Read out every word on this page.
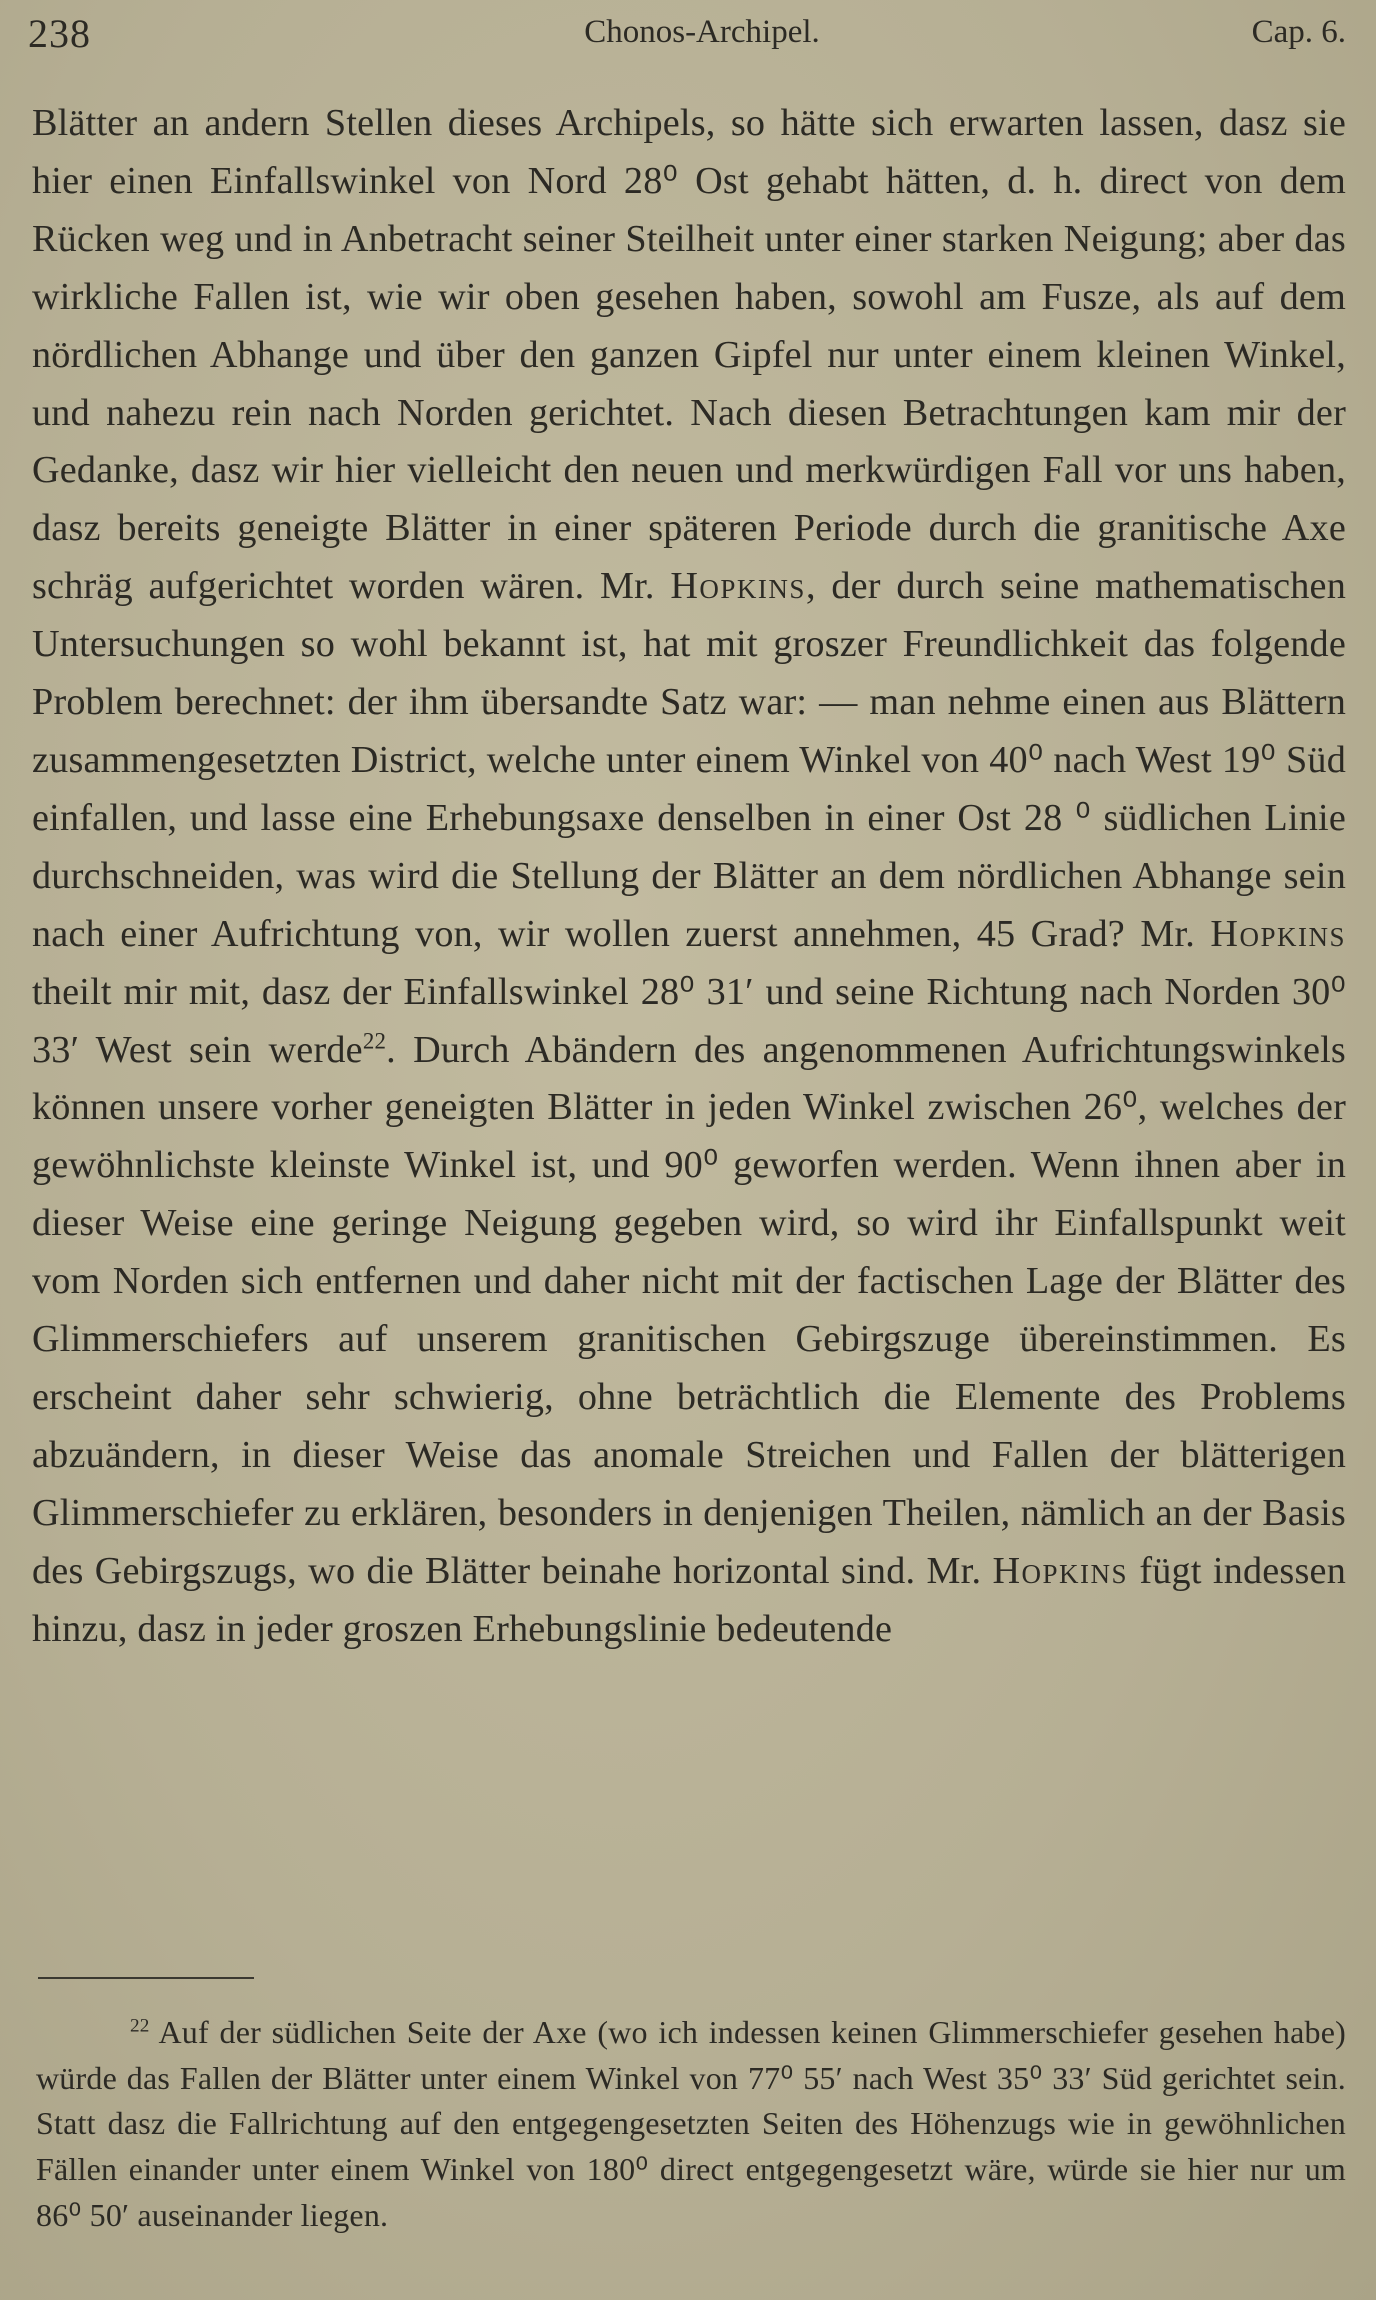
238	Chonos-Archipel.	Cap. 6.

Blätter an andern Stellen dieses Archipels, so hätte sich erwarten lassen, dasz sie hier einen Einfallswinkel von Nord 28⁰ Ost gehabt hätten, d. h. direct von dem Rücken weg und in Anbetracht seiner Steilheit unter einer starken Neigung; aber das wirkliche Fallen ist, wie wir oben gesehen haben, sowohl am Fusze, als auf dem nördlichen Abhange und über den ganzen Gipfel nur unter einem kleinen Winkel, und nahezu rein nach Norden gerichtet. Nach diesen Betrachtungen kam mir der Gedanke, dasz wir hier vielleicht den neuen und merkwürdigen Fall vor uns haben, dasz bereits geneigte Blätter in einer späteren Periode durch die granitische Axe schräg aufgerichtet worden wären. Mr. Hopkins, der durch seine mathematischen Untersuchungen so wohl bekannt ist, hat mit groszer Freundlichkeit das folgende Problem berechnet: der ihm übersandte Satz war: — man nehme einen aus Blättern zusammengesetzten District, welche unter einem Winkel von 40⁰ nach West 19⁰ Süd einfallen, und lasse eine Erhebungsaxe denselben in einer Ost 28 ⁰ südlichen Linie durchschneiden, was wird die Stellung der Blätter an dem nördlichen Abhange sein nach einer Aufrichtung von, wir wollen zuerst annehmen, 45 Grad? Mr. Hopkins theilt mir mit, dasz der Einfallswinkel 28⁰ 31′ und seine Richtung nach Norden 30⁰ 33′ West sein werde$^{22}$. Durch Abändern des angenommenen Aufrichtungswinkels können unsere vorher geneigten Blätter in jeden Winkel zwischen 26⁰, welches der gewöhnlichste kleinste Winkel ist, und 90⁰ geworfen werden. Wenn ihnen aber in dieser Weise eine geringe Neigung gegeben wird, so wird ihr Einfallspunkt weit vom Norden sich entfernen und daher nicht mit der factischen Lage der Blätter des Glimmerschiefers auf unserem granitischen Gebirgszuge übereinstimmen. Es erscheint daher sehr schwierig, ohne beträchtlich die Elemente des Problems abzuändern, in dieser Weise das anomale Streichen und Fallen der blätterigen Glimmerschiefer zu erklären, besonders in denjenigen Theilen, nämlich an der Basis des Gebirgszugs, wo die Blätter beinahe horizontal sind. Mr. Hopkins fügt indessen hinzu, dasz in jeder groszen Erhebungslinie bedeutende

$^{22}$ Auf der südlichen Seite der Axe (wo ich indessen keinen Glimmerschiefer gesehen habe) würde das Fallen der Blätter unter einem Winkel von 77⁰ 55′ nach West 35⁰ 33′ Süd gerichtet sein. Statt dasz die Fallrichtung auf den entgegengesetzten Seiten des Höhenzugs wie in gewöhnlichen Fällen einander unter einem Winkel von 180⁰ direct entgegengesetzt wäre, würde sie hier nur um 86⁰ 50′ auseinander liegen.
